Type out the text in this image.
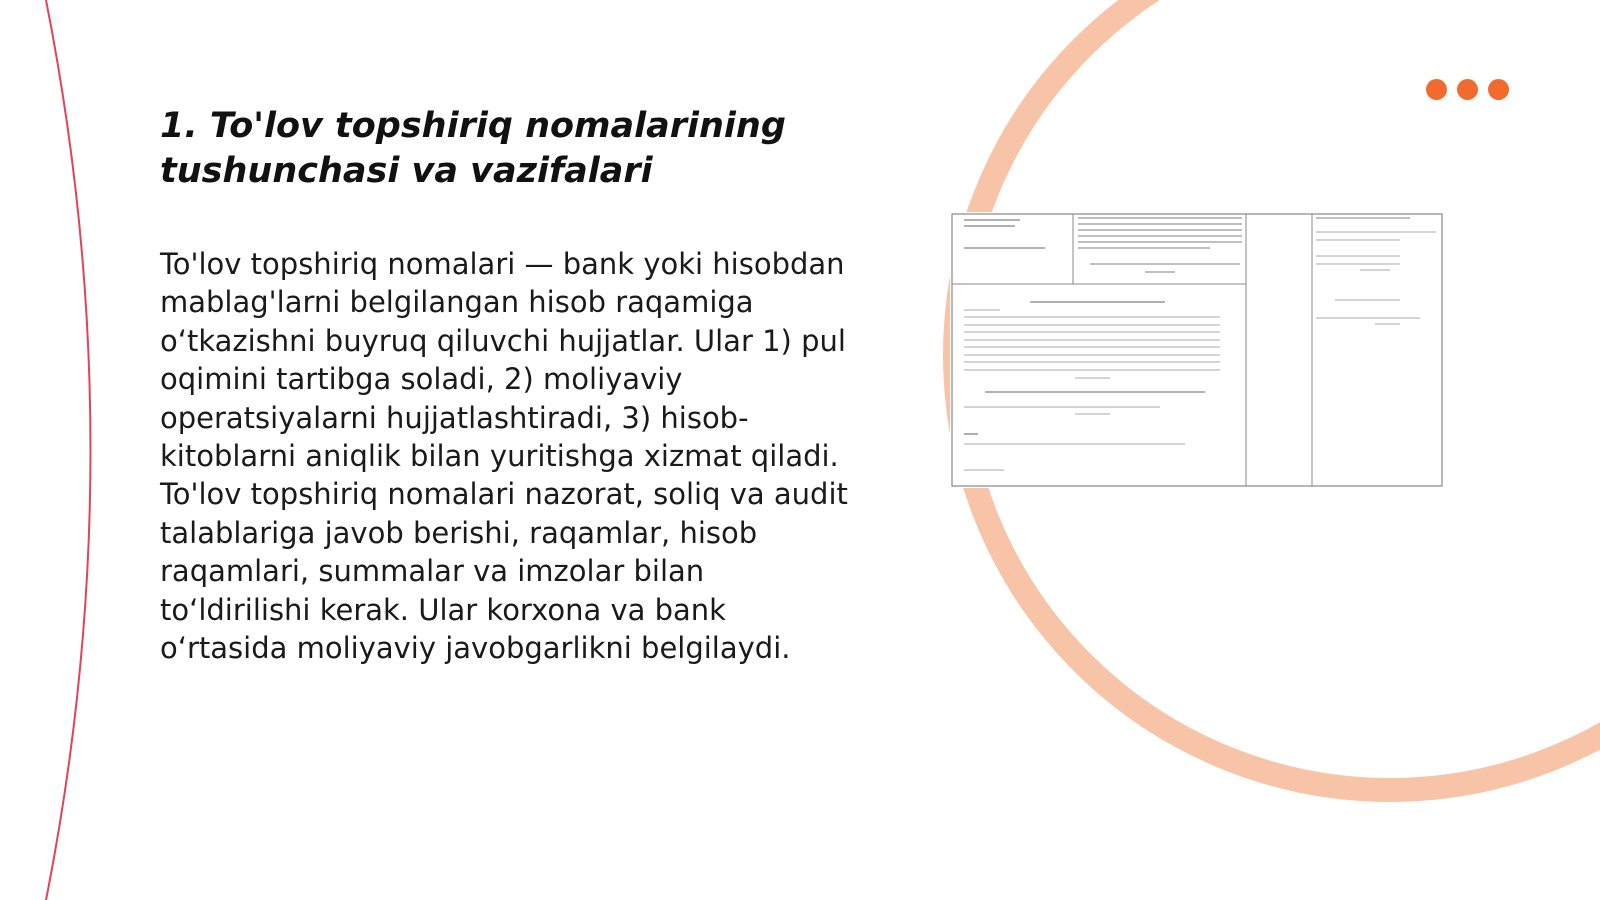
1. To'lov topshiriq nomalarining
tushunchasi va vazifalari

To'lov topshiriq nomalari — bank yoki hisobdan mablag'larni belgilangan hisob raqamiga o‘tkazishni buyruq qiluvchi hujjatlar. Ular 1) pul oqimini tartibga soladi, 2) moliyaviy operatsiyalarni hujjatlashtiradi, 3) hisob-kitoblarni aniqlik bilan yuritishga xizmat qiladi. To'lov topshiriq nomalari nazorat, soliq va audit talablariga javob berishi, raqamlar, hisob raqamlari, summalar va imzolar bilan to‘ldirilishi kerak. Ular korxona va bank o‘rtasida moliyaviy javobgarlikni belgilaydi.
